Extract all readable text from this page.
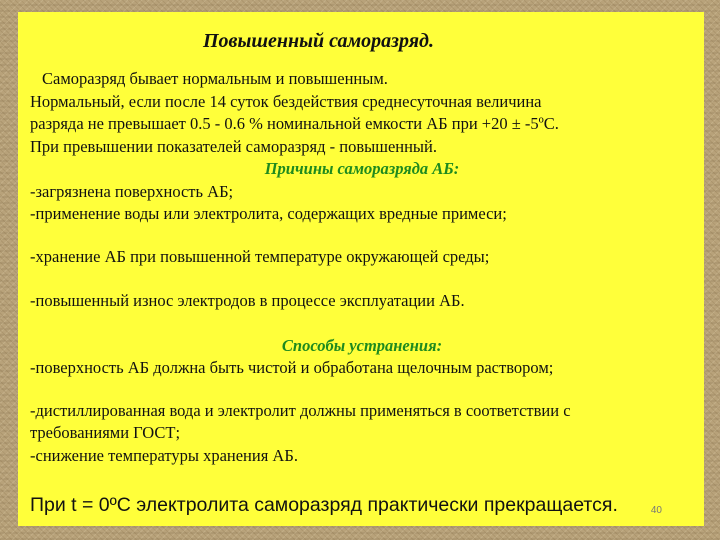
Повышенный саморазряд.

Саморазряд бывает нормальным и повышенным.

Нормальный, если после 14 суток бездействия среднесуточная величина

разряда не превышает 0.5 - 0.6 % номинальной емкости АБ при +20 ± -5ºС.

При превышении показателей саморазряд - повышенный.

Причины саморазряда АБ:

-загрязнена поверхность АБ;

-применение воды или электролита, содержащих вредные примеси;

-хранение АБ при повышенной температуре окружающей среды;

-повышенный износ электродов в процессе эксплуатации АБ.

Способы устранения:

-поверхность АБ должна быть чистой и обработана щелочным раствором;

-дистиллированная вода и электролит должны применяться в соответствии с

требованиями ГОСТ;

-снижение температуры хранения АБ.

При t = 0ºС электролита саморазряд практически прекращается.	40
